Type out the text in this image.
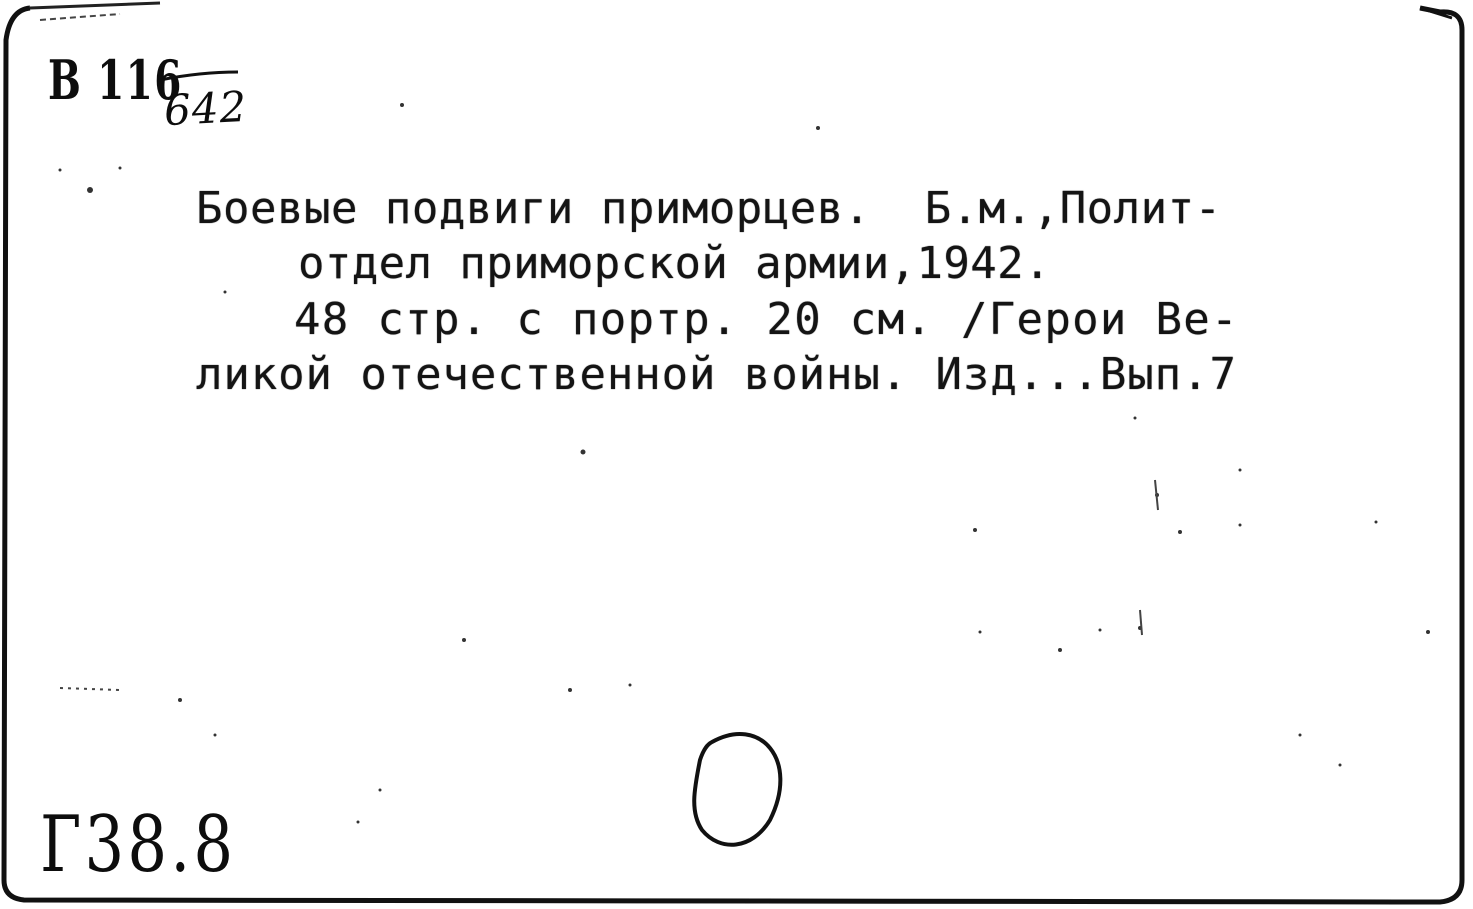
В 116
642
Боевые подвиги приморцев.  Б.м.,Полит-
отдел приморской армии,1942.
48 стр. с портр. 20 см. /Герои Ве-
ликой отечественной войны. Изд...Вып.7
Г38.8
